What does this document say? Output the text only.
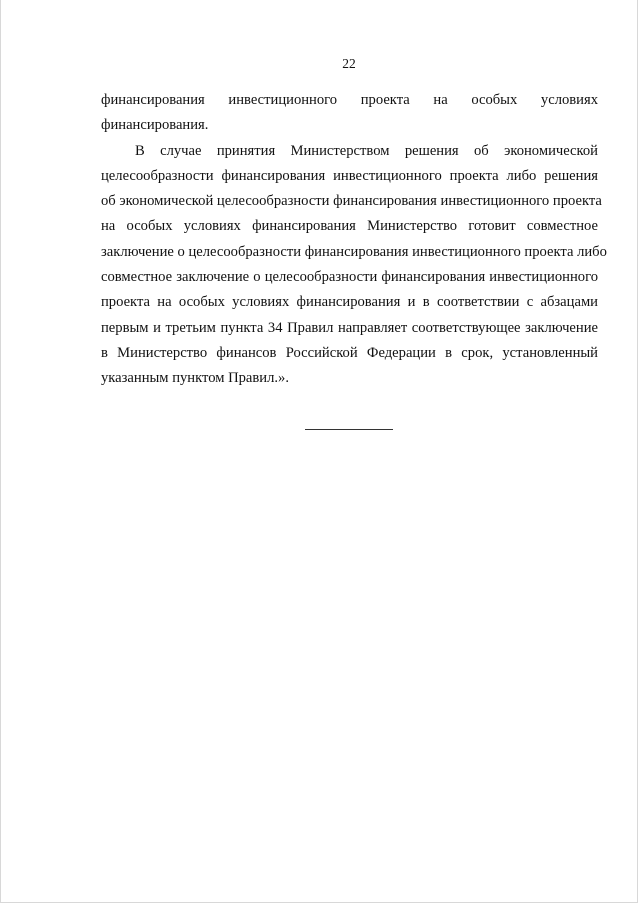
22
финансирования инвестиционного проекта на особых условиях
финансирования.
В случае принятия Министерством решения об экономической
целесообразности финансирования инвестиционного проекта либо решения
об экономической целесообразности финансирования инвестиционного проекта
на особых условиях финансирования Министерство готовит совместное
заключение о целесообразности финансирования инвестиционного проекта либо
совместное заключение о целесообразности финансирования инвестиционного
проекта на особых условиях финансирования и в соответствии с абзацами
первым и третьим пункта 34 Правил направляет соответствующее заключение
в Министерство финансов Российской Федерации в срок, установленный
указанным пунктом Правил.».
